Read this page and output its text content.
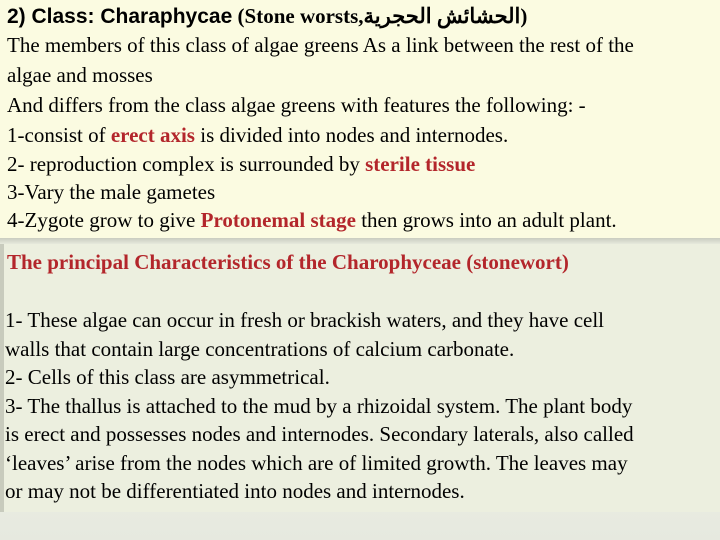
2) Class: Charaphycae (Stone worsts,الحشائش الحجرية)
The members of this class of algae greens As a link between the rest of the
algae and mosses
And differs from the class algae greens with features the following: -
1-consist of erect axis is divided into nodes and internodes.
2- reproduction complex is surrounded by sterile tissue
3-Vary the male gametes
4-Zygote grow to give Protonemal stage then grows into an adult plant.
The principal Characteristics of the Charophyceae (stonewort)
1- These algae can occur in fresh or brackish waters, and they have cell
walls that contain large concentrations of calcium carbonate.
2- Cells of this class are asymmetrical.
3- The thallus is attached to the mud by a rhizoidal system. The plant body
is erect and possesses nodes and internodes. Secondary laterals, also called
‘leaves’ arise from the nodes which are of limited growth. The leaves may
or may not be differentiated into nodes and internodes.
